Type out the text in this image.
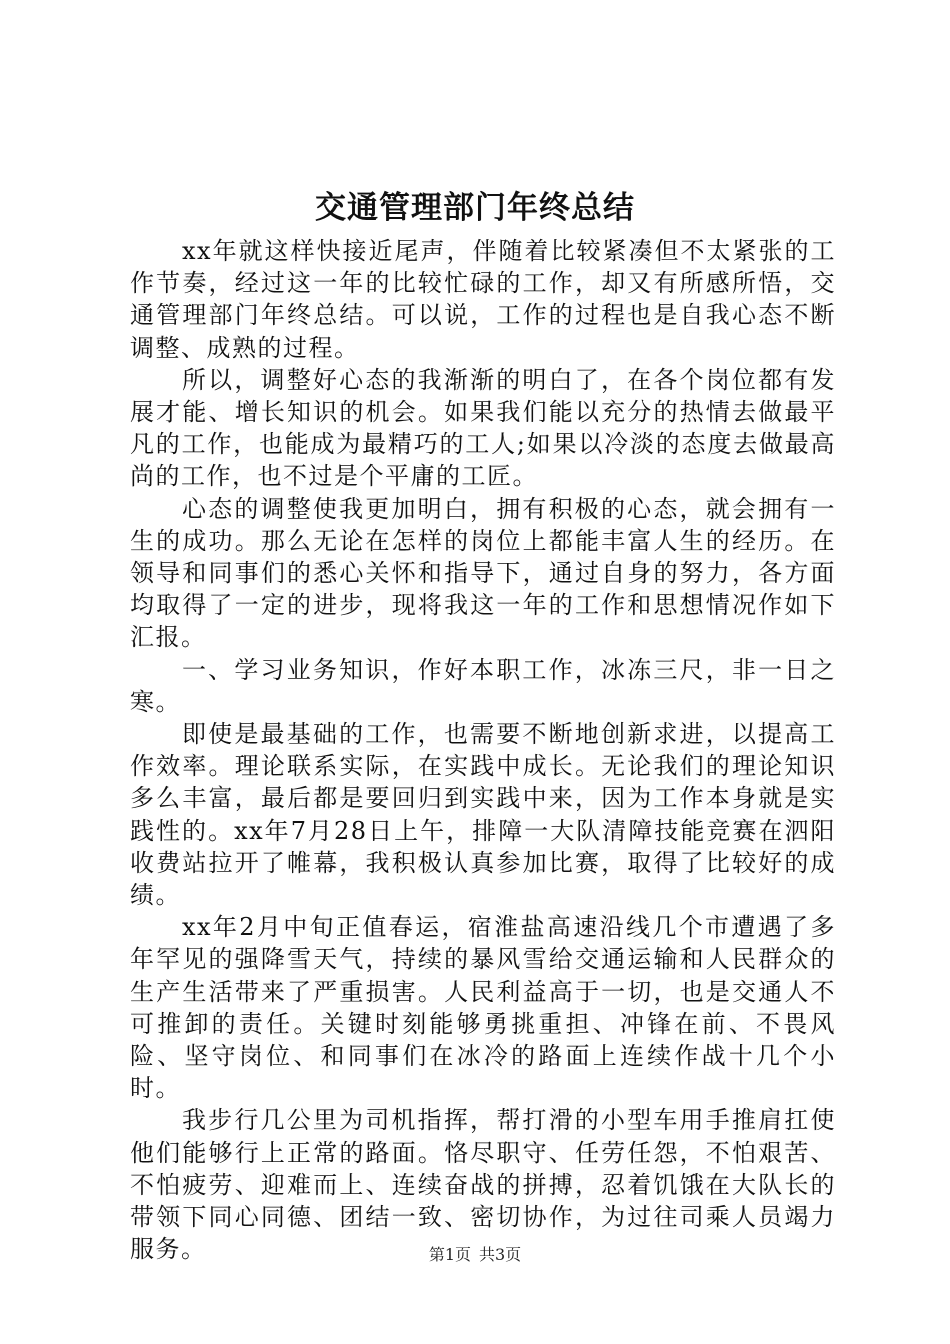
交通管理部门年终总结

xx年就这样快接近尾声，伴随着比较紧凑但不太紧张的工作节奏，经过这一年的比较忙碌的工作，却又有所感所悟，交通管理部门年终总结。可以说，工作的过程也是自我心态不断调整、成熟的过程。

所以，调整好心态的我渐渐的明白了，在各个岗位都有发展才能、增长知识的机会。如果我们能以充分的热情去做最平凡的工作，也能成为最精巧的工人;如果以冷淡的态度去做最高尚的工作，也不过是个平庸的工匠。

心态的调整使我更加明白，拥有积极的心态，就会拥有一生的成功。那么无论在怎样的岗位上都能丰富人生的经历。在领导和同事们的悉心关怀和指导下，通过自身的努力，各方面均取得了一定的进步，现将我这一年的工作和思想情况作如下汇报。

一、学习业务知识，作好本职工作，冰冻三尺，非一日之寒。

即使是最基础的工作，也需要不断地创新求进，以提高工作效率。理论联系实际，在实践中成长。无论我们的理论知识多么丰富，最后都是要回归到实践中来，因为工作本身就是实践性的。xx年7月28日上午，排障一大队清障技能竞赛在泗阳收费站拉开了帷幕，我积极认真参加比赛，取得了比较好的成绩。

xx年2月中旬正值春运，宿淮盐高速沿线几个市遭遇了多年罕见的强降雪天气，持续的暴风雪给交通运输和人民群众的生产生活带来了严重损害。人民利益高于一切，也是交通人不可推卸的责任。关键时刻能够勇挑重担、冲锋在前、不畏风险、坚守岗位、和同事们在冰冷的路面上连续作战十几个小时。

我步行几公里为司机指挥，帮打滑的小型车用手推肩扛使他们能够行上正常的路面。恪尽职守、任劳任怨，不怕艰苦、不怕疲劳、迎难而上、连续奋战的拼搏，忍着饥饿在大队长的带领下同心同德、团结一致、密切协作，为过往司乘人员竭力服务。	第1页 共3页
